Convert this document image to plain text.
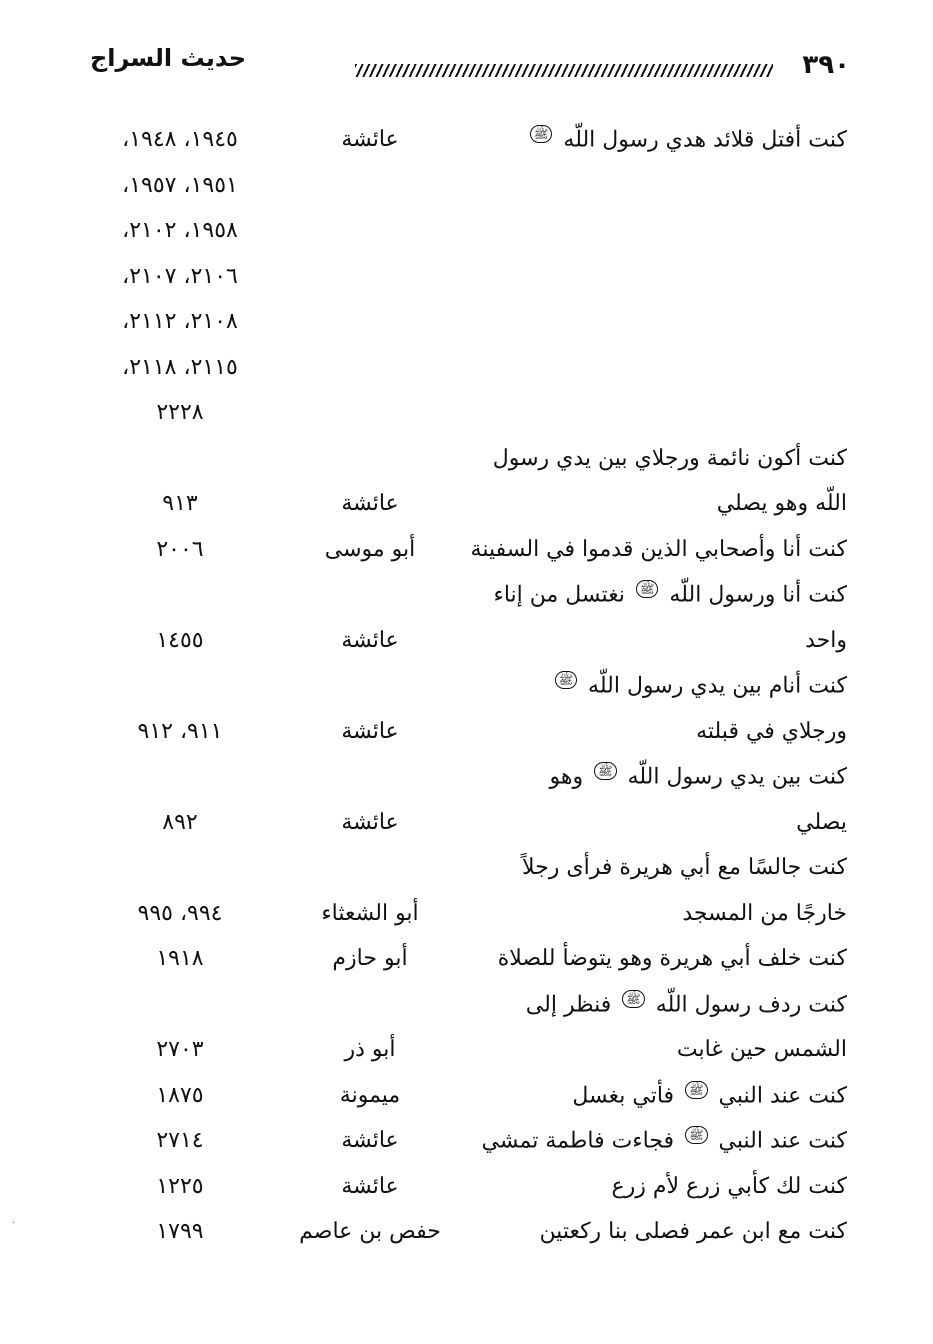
حديث السراج	٣٩٠
كنت أفتل قلائد هدي رسول اللّه ﷺ
عائشة
١٩٤٥، ١٩٤٨،
١٩٥١، ١٩٥٧،
١٩٥٨، ٢١٠٢،
٢١٠٦، ٢١٠٧،
٢١٠٨، ٢١١٢،
٢١١٥، ٢١١٨،
٢٢٢٨
كنت أكون نائمة ورجلاي بين يدي رسول
اللّه وهو يصلي
عائشة
٩١٣
كنت أنا وأصحابي الذين قدموا في السفينة
أبو موسى
٢٠٠٦
كنت أنا ورسول اللّه ﷺ نغتسل من إناء
واحد
عائشة
١٤٥٥
كنت أنام بين يدي رسول اللّه ﷺ
ورجلاي في قبلته
عائشة
٩١١، ٩١٢
كنت بين يدي رسول اللّه ﷺ وهو
يصلي
عائشة
٨٩٢
كنت جالسًا مع أبي هريرة فرأى رجلاً
خارجًا من المسجد
أبو الشعثاء
٩٩٤، ٩٩٥
كنت خلف أبي هريرة وهو يتوضأ للصلاة
أبو حازم
١٩١٨
كنت ردف رسول اللّه ﷺ فنظر إلى
الشمس حين غابت
أبو ذر
٢٧٠٣
كنت عند النبي ﷺ فأتي بغسل
ميمونة
١٨٧٥
كنت عند النبي ﷺ فجاءت فاطمة تمشي
عائشة
٢٧١٤
كنت لك كأبي زرع لأم زرع
عائشة
١٢٢٥
كنت مع ابن عمر فصلى بنا ركعتين
حفص بن عاصم
١٧٩٩
·
